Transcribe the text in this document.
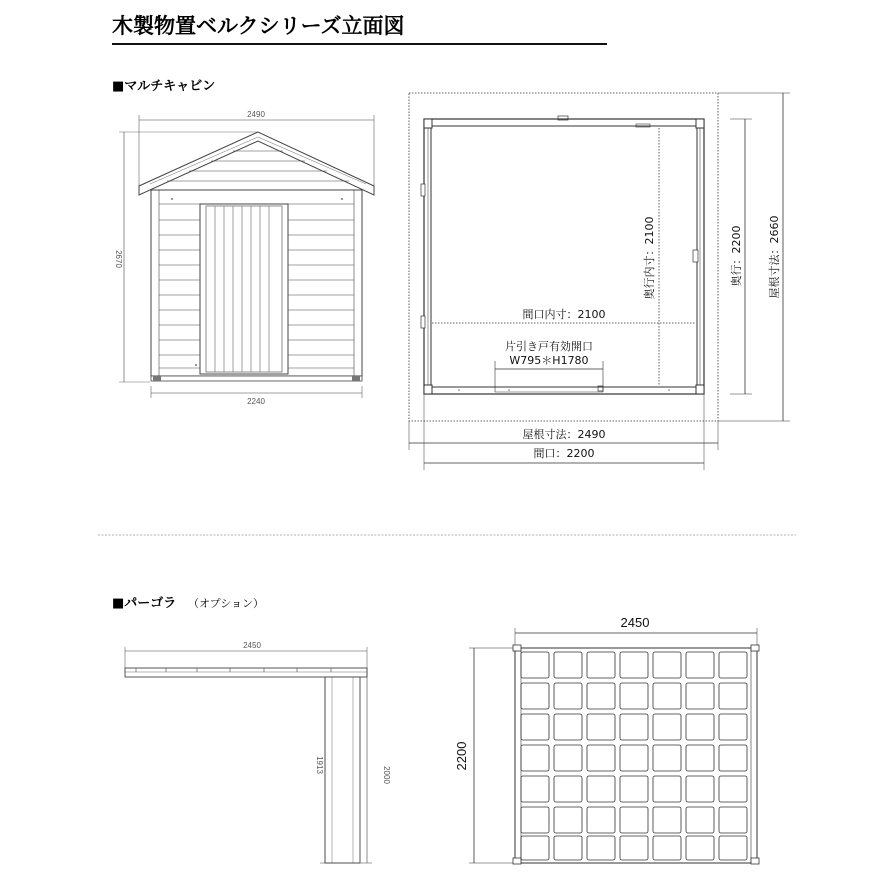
木製物置ベルクシリーズ立面図
■マルチキャビン
2490
2670
2240
奥行内寸：2100
間口内寸：2100
片引き戸有効開口
W795＊H1780
奥行：2200 屋根寸法：2660
屋根寸法：2490
間口：2200
■パーゴラ （オプション）
2450
1913
2000
2450
2200
